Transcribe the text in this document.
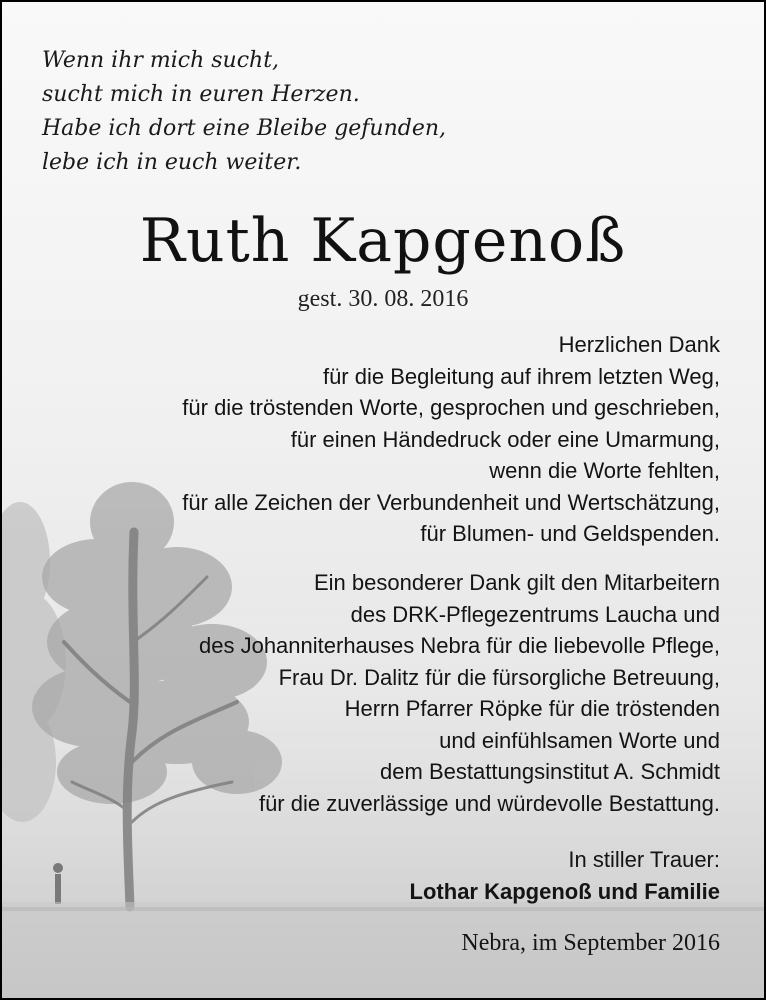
Wenn ihr mich sucht,
sucht mich in euren Herzen.
Habe ich dort eine Bleibe gefunden,
lebe ich in euch weiter.
Ruth Kapgenoß
gest. 30. 08. 2016
Herzlichen Dank
für die Begleitung auf ihrem letzten Weg,
für die tröstenden Worte, gesprochen und geschrieben,
für einen Händedruck oder eine Umarmung,
wenn die Worte fehlten,
für alle Zeichen der Verbundenheit und Wertschätzung,
für Blumen- und Geldspenden.
Ein besonderer Dank gilt den Mitarbeitern
des DRK-Pflegezentrums Laucha und
des Johanniterhauses Nebra für die liebevolle Pflege,
Frau Dr. Dalitz für die fürsorgliche Betreuung,
Herrn Pfarrer Röpke für die tröstenden
und einfühlsamen Worte und
dem Bestattungsinstitut A. Schmidt
für die zuverlässige und würdevolle Bestattung.
In stiller Trauer:
Lothar Kapgenoß und Familie
Nebra, im September 2016
